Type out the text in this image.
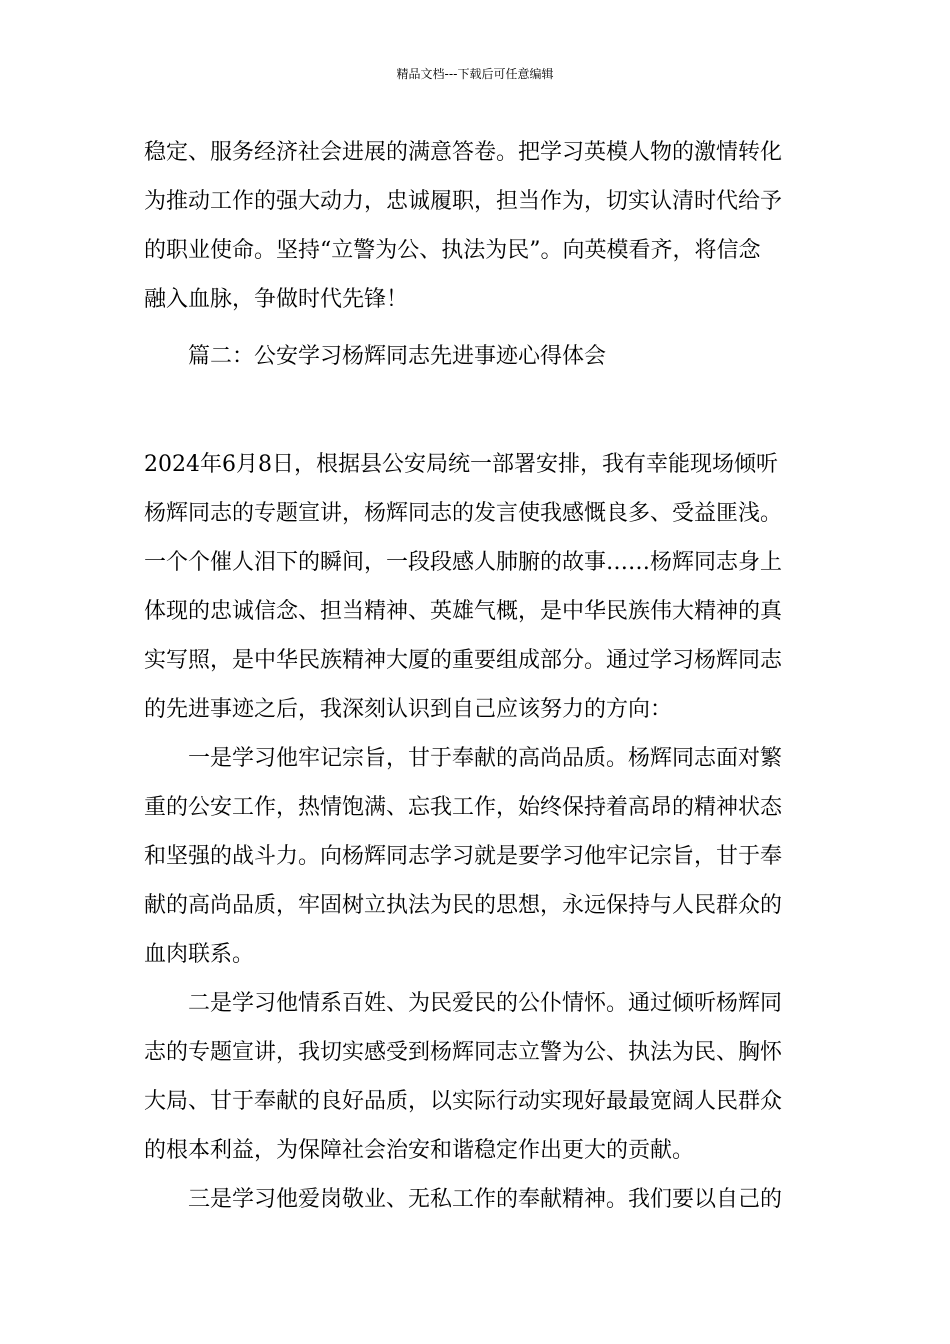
精品文档---下载后可任意编辑
稳定、服务经济社会进展的满意答卷。把学习英模人物的激情转化
为推动工作的强大动力，忠诚履职，担当作为，切实认清时代给予
的职业使命。坚持“立警为公、执法为民”。向英模看齐，将信念
融入血脉，争做时代先锋！
　　篇二：公安学习杨辉同志先进事迹心得体会
2024年6月8日，根据县公安局统一部署安排，我有幸能现场倾听
杨辉同志的专题宣讲，杨辉同志的发言使我感慨良多、受益匪浅。
一个个催人泪下的瞬间，一段段感人肺腑的故事……杨辉同志身上
体现的忠诚信念、担当精神、英雄气概，是中华民族伟大精神的真
实写照，是中华民族精神大厦的重要组成部分。通过学习杨辉同志
的先进事迹之后，我深刻认识到自己应该努力的方向：
　　一是学习他牢记宗旨，甘于奉献的高尚品质。杨辉同志面对繁
重的公安工作，热情饱满、忘我工作，始终保持着高昂的精神状态
和坚强的战斗力。向杨辉同志学习就是要学习他牢记宗旨，甘于奉
献的高尚品质，牢固树立执法为民的思想，永远保持与人民群众的
血肉联系。
　　二是学习他情系百姓、为民爱民的公仆情怀。通过倾听杨辉同
志的专题宣讲，我切实感受到杨辉同志立警为公、执法为民、胸怀
大局、甘于奉献的良好品质，以实际行动实现好最最宽阔人民群众
的根本利益，为保障社会治安和谐稳定作出更大的贡献。
　　三是学习他爱岗敬业、无私工作的奉献精神。我们要以自己的
